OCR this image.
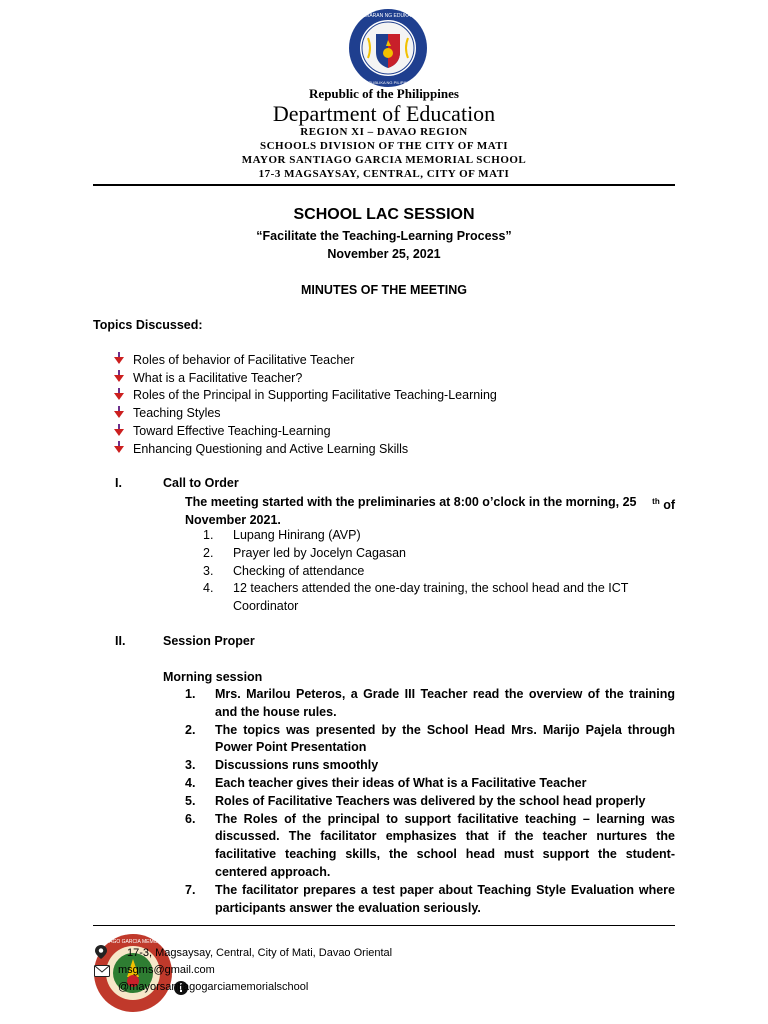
KAGAWARAN NG EDUKASYON
REPUBLIKA NG PILIPINAS
Republic of the Philippines
Department of Education
REGION XI – DAVAO REGION
SCHOOLS DIVISION OF THE CITY OF MATI
MAYOR SANTIAGO GARCIA MEMORIAL SCHOOL
17-3 MAGSAYSAY, CENTRAL, CITY OF MATI
SCHOOL LAC SESSION
“Facilitate the Teaching-Learning Process”
November 25, 2021
MINUTES OF THE MEETING
Topics Discussed:
Roles of behavior of Facilitative Teacher
What is a Facilitative Teacher?
Roles of the Principal in Supporting Facilitative Teaching-Learning
Teaching Styles
Toward Effective Teaching-Learning
Enhancing Questioning and Active Learning Skills
I.	Call to Order
The meeting started with the preliminaries at 8:00 o’clock in the morning, 25	$^{th}$ of
November 2021.
1.	Lupang Hinirang (AVP)
2.	Prayer led by Jocelyn Cagasan
3.	Checking of attendance
4.	12 teachers attended the one-day training, the school head and the ICT Coordinator
II.	Session Proper
Morning session
1.	Mrs. Marilou Peteros, a Grade III Teacher read the overview of the training and the house rules.
2.	The topics was presented by the School Head Mrs. Marijo Pajela through Power Point Presentation
3.	Discussions runs smoothly
4.	Each teacher gives their ideas of What is a Facilitative Teacher
5.	Roles of Facilitative Teachers was delivered by the school head properly
6.	The Roles of the principal to support facilitative teaching – learning was discussed. The facilitator emphasizes that if the teacher nurtures the facilitative teaching skills, the school head must support the student-centered approach.
7.	The facilitator prepares a test paper about Teaching Style Evaluation where participants answer the evaluation seriously.
MAYOR SANTIAGO GARCIA MEMORIAL SCHOOL
17-3, Magsaysay, Central, City of Mati, Davao Oriental
msgms@gmail.com
@mayorsantiagogarciamemorialschool
